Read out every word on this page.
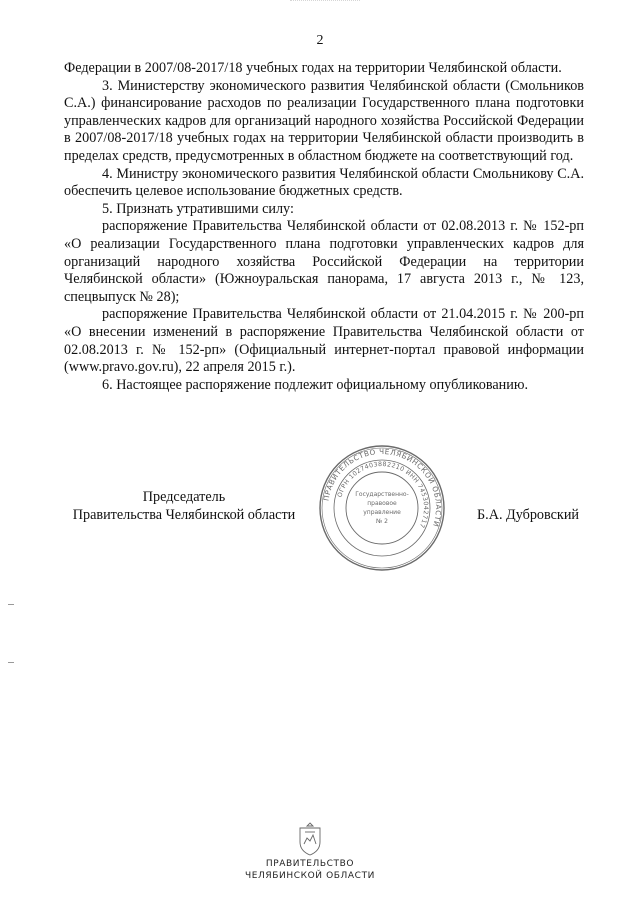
2

Федерации в 2007/08-2017/18 учебных годах на территории Челябинской области.

3. Министерству экономического развития Челябинской области (Смольников С.А.) финансирование расходов по реализации Государственного плана подготовки управленческих кадров для организаций народного хозяйства Российской Федерации в 2007/08-2017/18 учебных годах на территории Челябинской области производить в пределах средств, предусмотренных в областном бюджете на соответствующий год.

4. Министру экономического развития Челябинской области Смольникову С.А. обеспечить целевое использование бюджетных средств.

5. Признать утратившими силу:

распоряжение Правительства Челябинской области от 02.08.2013 г. № 152-рп «О реализации Государственного плана подготовки управленческих кадров для организаций народного хозяйства Российской Федерации на территории Челябинской области» (Южноуральская панорама, 17 августа 2013 г., № 123, спецвыпуск № 28);

распоряжение Правительства Челябинской области от 21.04.2015 г. № 200-рп «О внесении изменений в распоряжение Правительства Челябинской области от 02.08.2013 г. № 152-рп» (Официальный интернет-портал правовой информации (www.pravo.gov.ru), 22 апреля 2015 г.).

6. Настоящее распоряжение подлежит официальному опубликованию.

Председатель
Правительства Челябинской области	Б.А. Дубровский
ПРАВИТЕЛЬСТВО ЧЕЛЯБИНСКОЙ ОБЛАСТИ
ОГРН 1027403882210 ИНН 7453042717
Государственно-
правовое
управление
№ 2
ПРАВИТЕЛЬСТВО
ЧЕЛЯБИНСКОЙ ОБЛАСТИ
